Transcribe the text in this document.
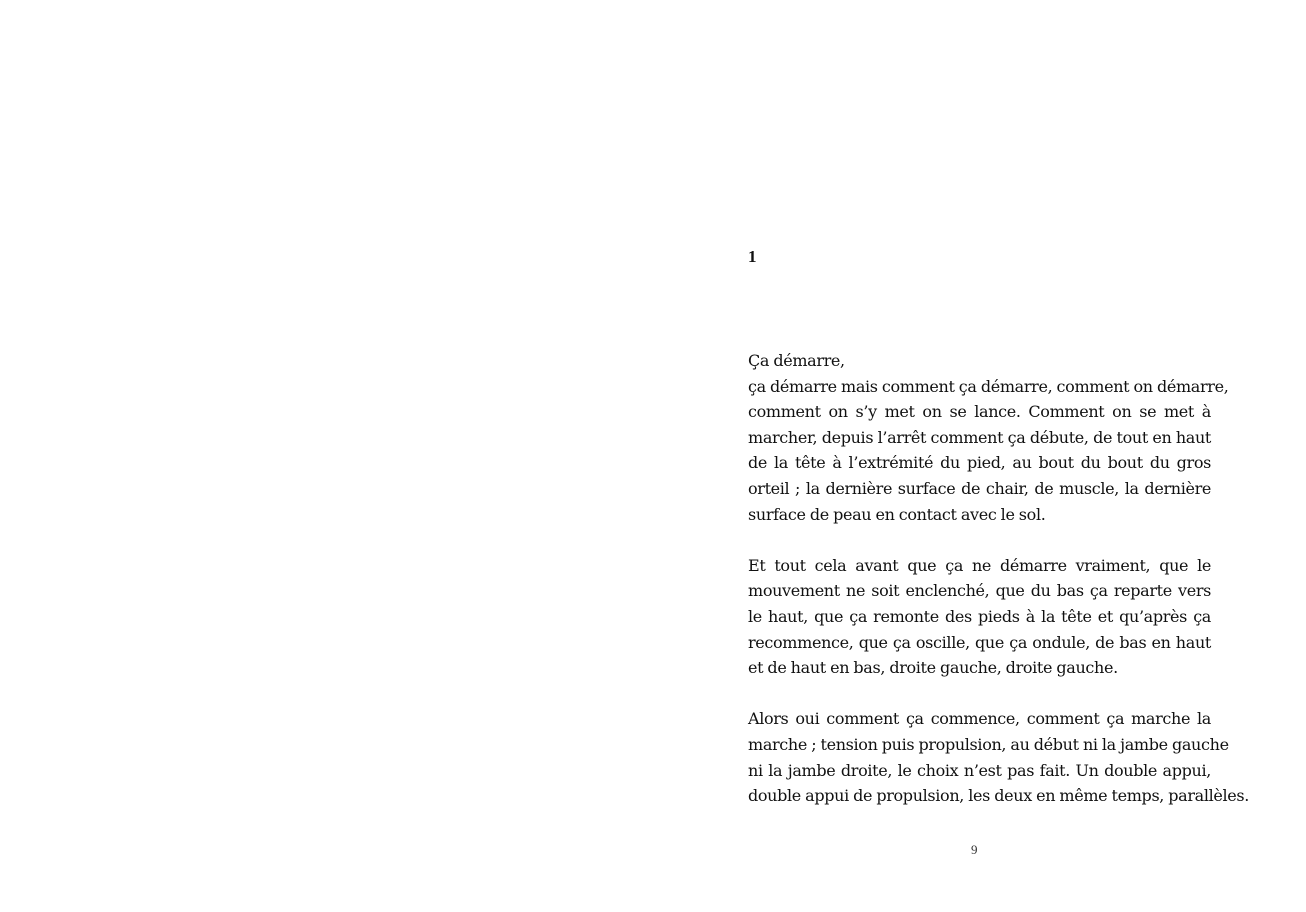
1
Ça démarre,
ça démarre mais comment ça démarre, comment on démarre,
comment on s’y met on se lance. Comment on se met à
marcher, depuis l’arrêt comment ça débute, de tout en haut
de la tête à l’extrémité du pied, au bout du bout du gros
orteil ; la dernière surface de chair, de muscle, la dernière
surface de peau en contact avec le sol.
Et tout cela avant que ça ne démarre vraiment, que le
mouvement ne soit enclenché, que du bas ça reparte vers
le haut, que ça remonte des pieds à la tête et qu’après ça
recommence, que ça oscille, que ça ondule, de bas en haut
et de haut en bas, droite gauche, droite gauche.
Alors oui comment ça commence, comment ça marche la
marche ; tension puis propulsion, au début ni la jambe gauche
ni la jambe droite, le choix n’est pas fait. Un double appui,
double appui de propulsion, les deux en même temps, parallèles.
9
